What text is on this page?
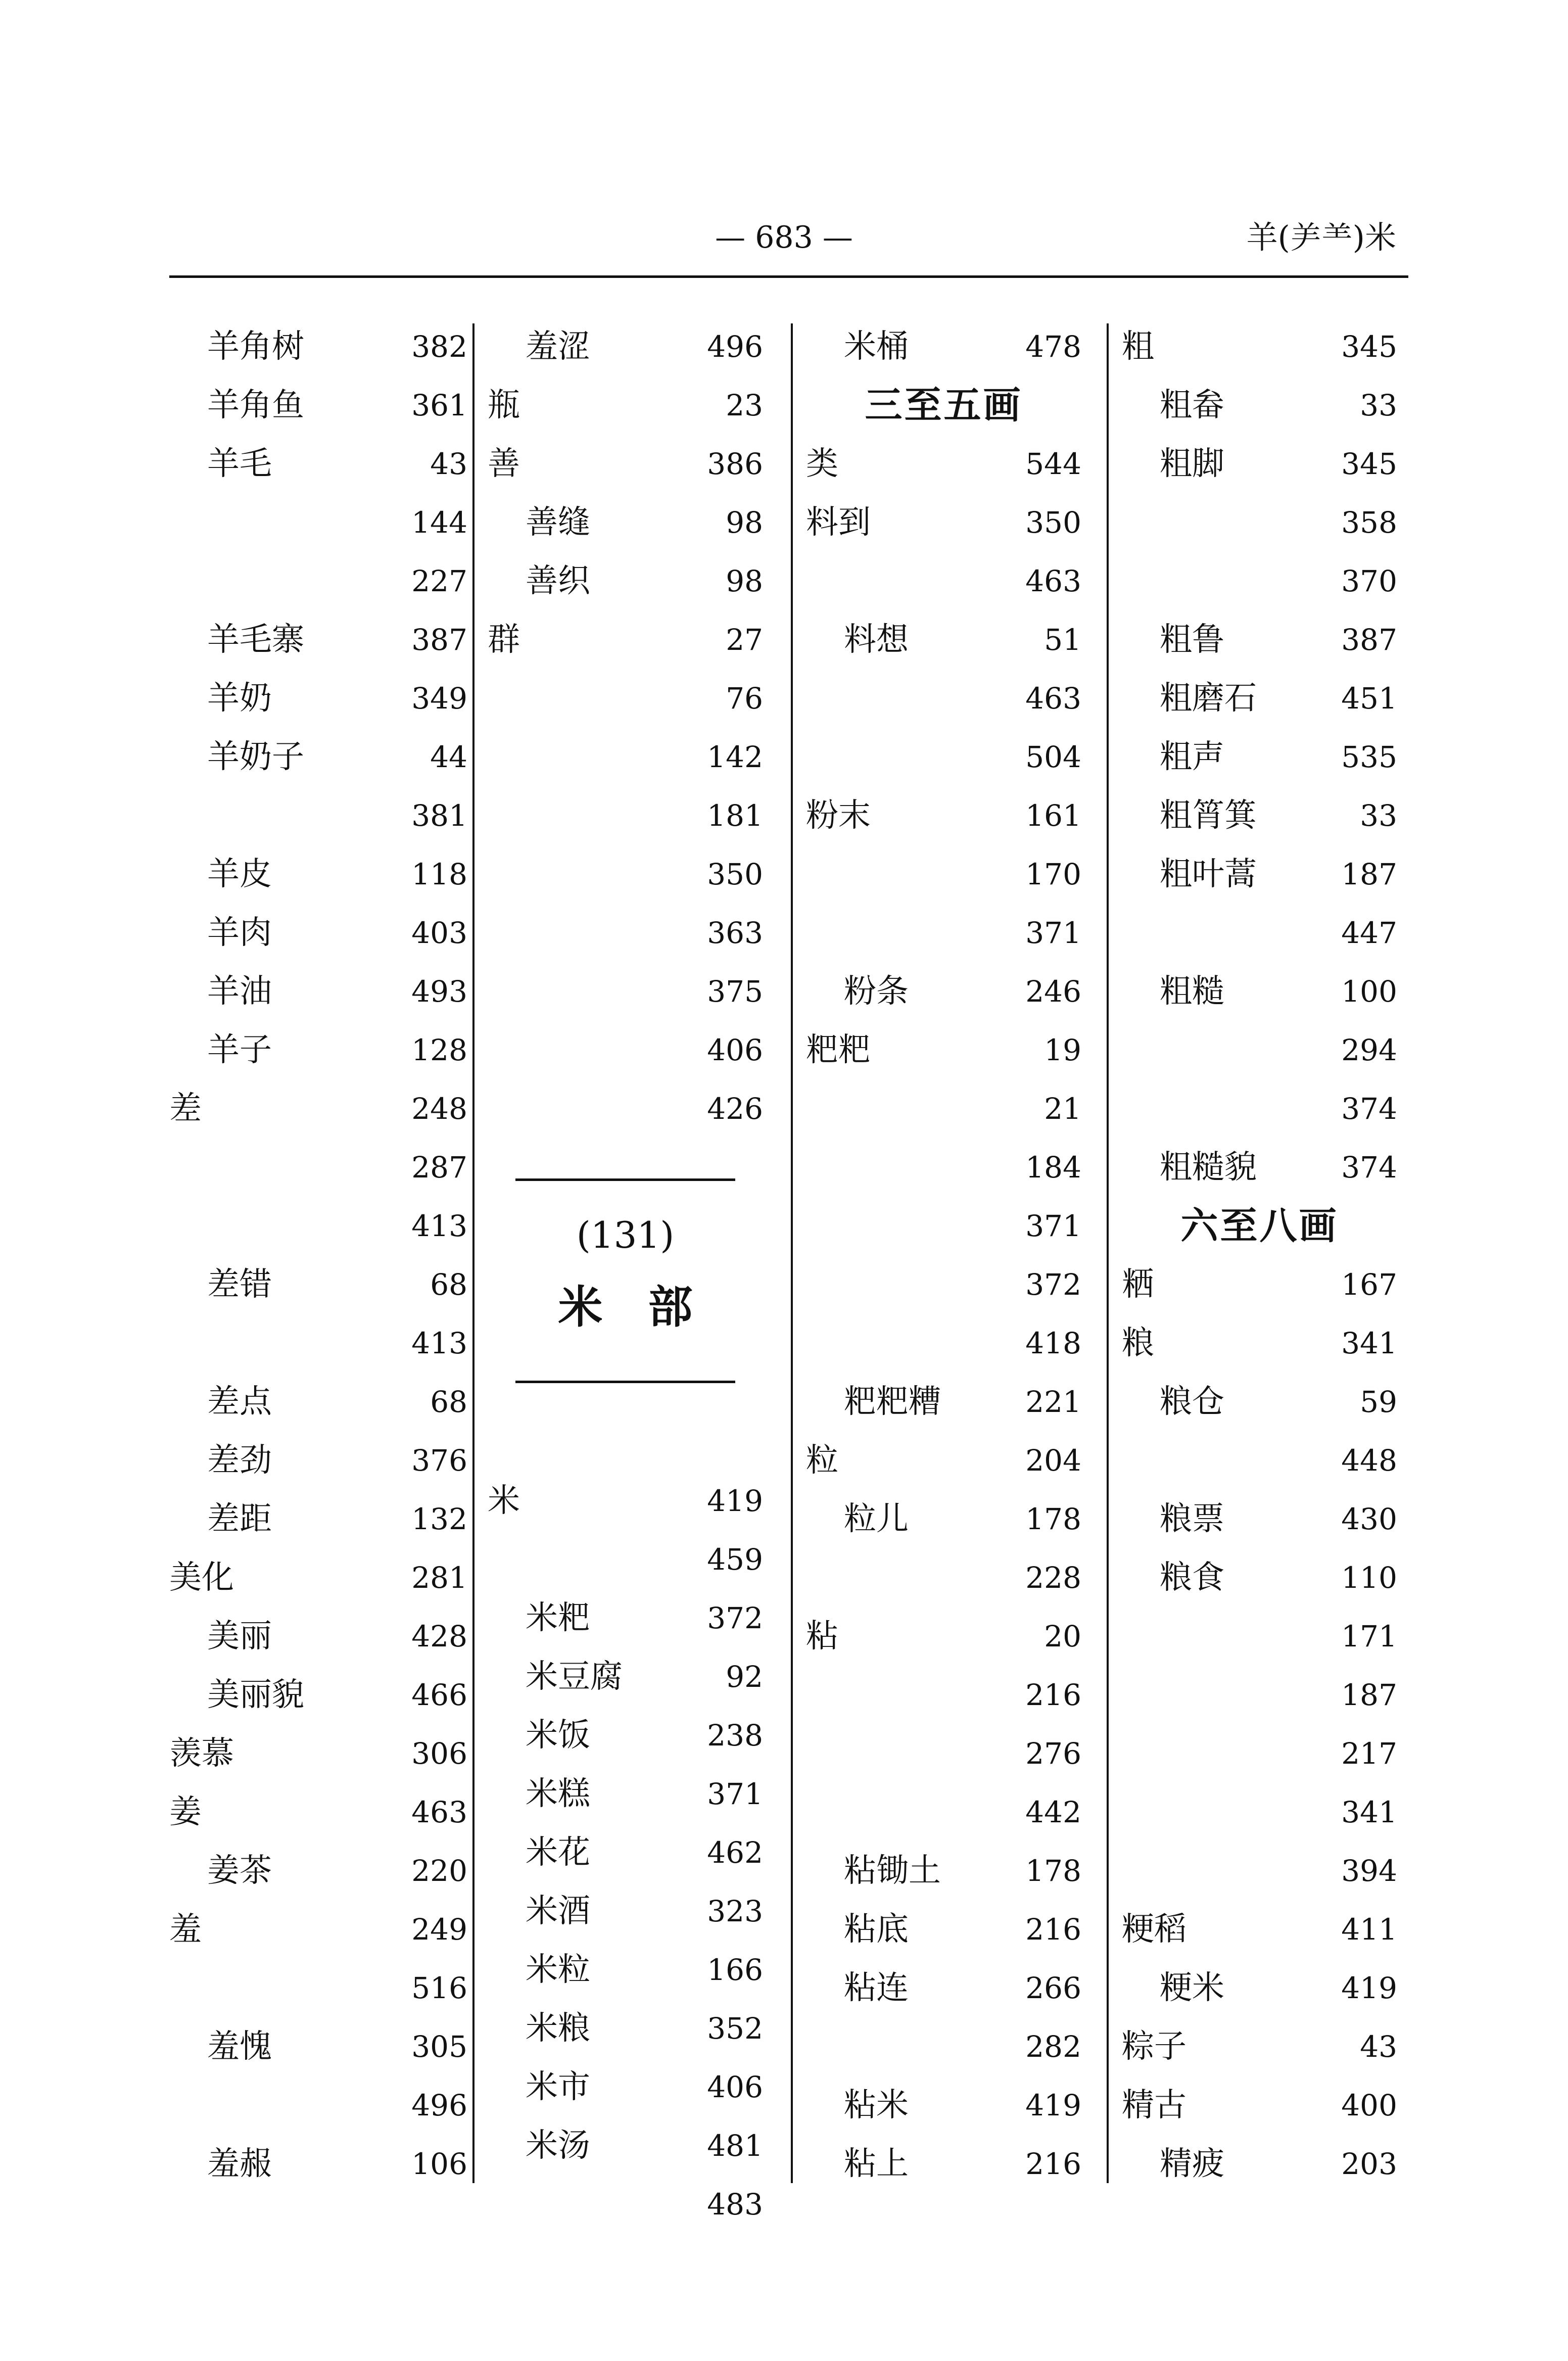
— 683 —	羊(⺶⺷)米
羊角树	382
羊角鱼	361
羊毛	43
144
227
羊毛寨	387
羊奶	349
羊奶子	44
381
羊皮	118
羊肉	403
羊油	493
羊子	128
差	248
287
413
差错	68
413
差点	68
差劲	376
差距	132
美化	281
美丽	428
美丽貌	466
羡慕	306
姜	463
姜茶	220
羞	249
516
羞愧	305
496
羞赧	106
羞涩	496
瓶	23
善	386
善缝	98
善织	98
群	27
76
142
181
350
363
375
406
426
(131)
米部
米	419
459
米粑	372
米豆腐	92
米饭	238
米糕	371
米花	462
米酒	323
米粒	166
米粮	352
米市	406
米汤	481
483
米桶	478
三至五画
类	544
料到	350
463
料想	51
463
504
粉末	161
170
371
粉条	246
粑粑	19
21
184
371
372
418
粑粑糟	221
粒	204
粒儿	178
228
粘	20
216
276
442
粘锄土	178
粘底	216
粘连	266
282
粘米	419
粘上	216
粗	345
粗畚	33
粗脚	345
358
370
粗鲁	387
粗磨石	451
粗声	535
粗筲箕	33
粗叶蒿	187
447
粗糙	100
294
374
粗糙貌	374
六至八画
粞	167
粮	341
粮仓	59
448
粮票	430
粮食	110
171
187
217
341
394
粳稻	411
粳米	419
粽子	43
精古	400
精疲	203
